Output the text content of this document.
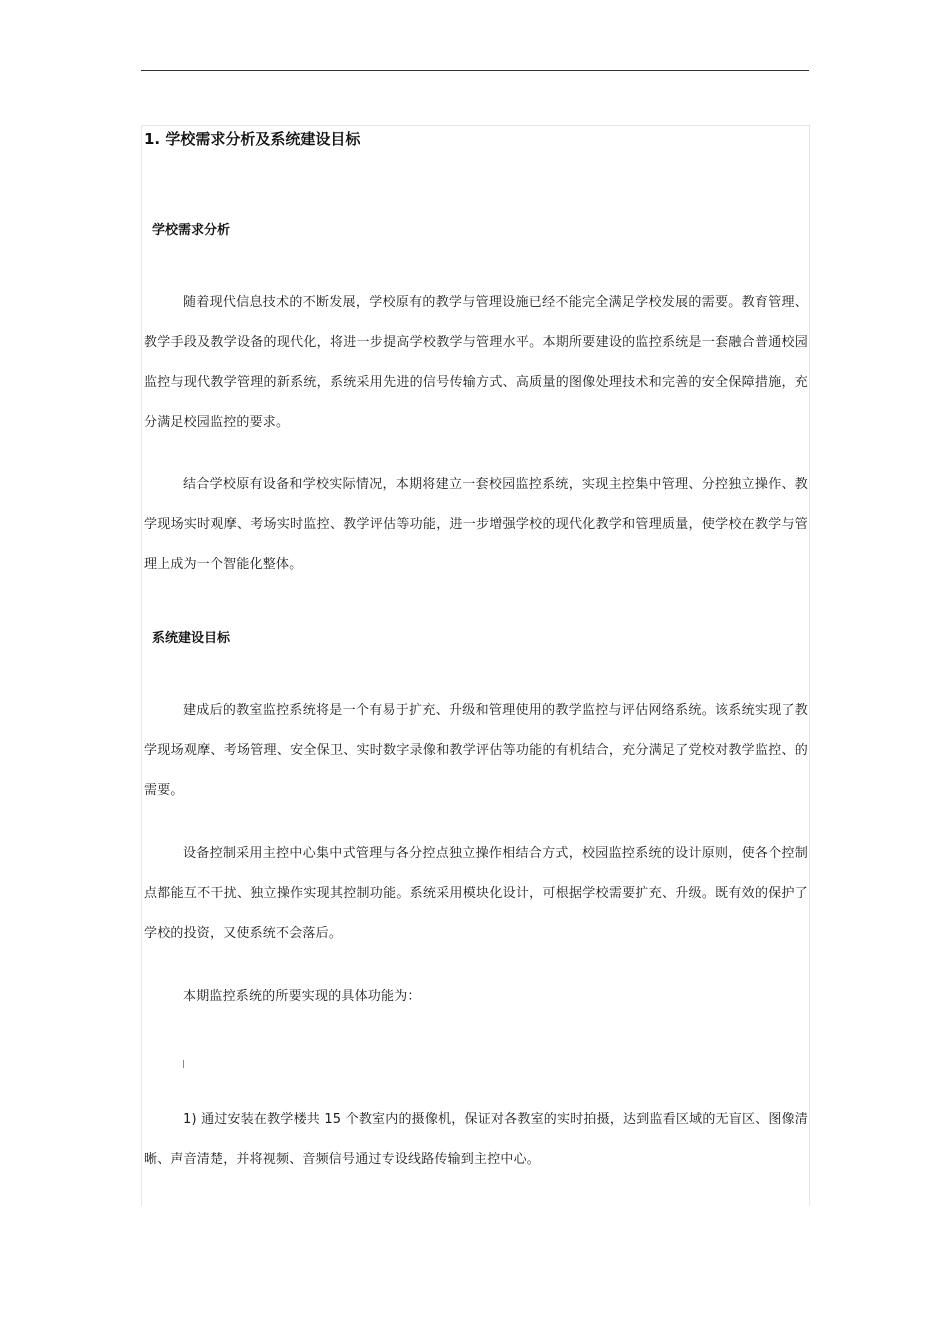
1. 学校需求分析及系统建设目标
学校需求分析

随着现代信息技术的不断发展，学校原有的教学与管理设施已经不能完全满足学校发展的需要。教育管理、教学手段及教学设备的现代化，将进一步提高学校教学与管理水平。本期所要建设的监控系统是一套融合普通校园监控与现代教学管理的新系统，系统采用先进的信号传输方式、高质量的图像处理技术和完善的安全保障措施，充分满足校园监控的要求。

结合学校原有设备和学校实际情况，本期将建立一套校园监控系统，实现主控集中管理、分控独立操作、教学现场实时观摩、考场实时监控、教学评估等功能，进一步增强学校的现代化教学和管理质量，使学校在教学与管理上成为一个智能化整体。

系统建设目标

建成后的教室监控系统将是一个有易于扩充、升级和管理使用的教学监控与评估网络系统。该系统实现了教学现场观摩、考场管理、安全保卫、实时数字录像和教学评估等功能的有机结合，充分满足了党校对教学监控、的需要。

设备控制采用主控中心集中式管理与各分控点独立操作相结合方式，校园监控系统的设计原则，使各个控制点都能互不干扰、独立操作实现其控制功能。系统采用模块化设计，可根据学校需要扩充、升级。既有效的保护了学校的投资，又使系统不会落后。

本期监控系统的所要实现的具体功能为：

1) 通过安装在教学楼共 15 个教室内的摄像机，保证对各教室的实时拍摄，达到监看区域的无盲区、图像清晰、声音清楚，并将视频、音频信号通过专设线路传输到主控中心。
